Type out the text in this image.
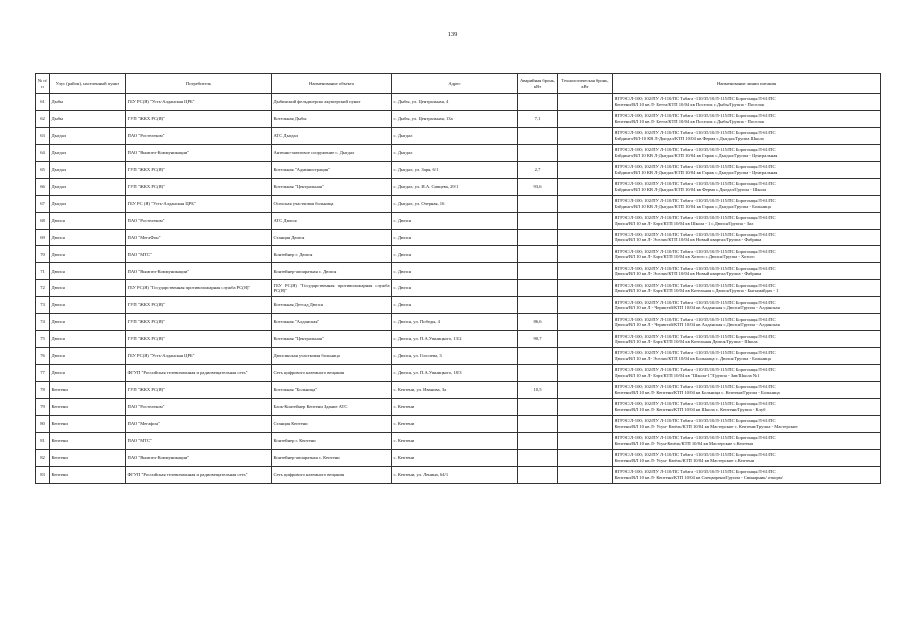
139
№ п/п	Улус (район), населенный пункт	Потребитель	Наименование объекта	Адрес	Аварийная бронь, кВт	Технологическая бронь, кВт	Наименование линии питания
61	Дыбы	ГБУ РС(Я) "Усть-Алданская ЦРБ"	Дыбинский фельдшерско акушерский пункт	с. Дыбы, ул. Центральная, 4			ЯГРЭС/Л-100; 102/ПУ Л-110/ПС Табага -110/35/10/Л-115/ПС Борогонцы/Л-61/ПС
Кептени/ВЛ 10 кв Л- Бетта/КТП 10/04 кв Поселок с.Дыбы/Группа - Поселок

62	Дыбы	ГУП "ЖКХ РС(Я)"	Котельная Дыбы	с. Дыбы, ул. Центральная, 13а	7,1		ЯГРЭС/Л-100; 102/ПУ Л-110/ПС Табага -110/35/10/Л-115/ПС Борогонцы/Л-61/ПС
Кептени/ВЛ 10 кв Л- Бетта/КТП 10/04 кв Поселок с.Дыбы/Группа - Поселок

63	Дыгдал	ПАО "Ростелеком"	АТС Дыгдал	с. Дыгдал			ЯГРЭС/Л-100; 102/ПУ Л-110/ПС Табага -110/35/10/Л-115/ПС Борогонцы/Л-61/ПС
Бэйдингэ/ВЛ-10 КВ Л-Дыгдал/КТП 10/04 кв Ферма с.Дыгдал/Группа Школа

64	Дыгдал	ПАО "Вымпел-Коммуникации"	Антенно-мачтовое сооружение с. Дыгдал	с. Дыгдал			ЯГРЭС/Л-100; 102/ПУ Л-110/ПС Табага -110/35/10/Л-115/ПС Борогонцы/Л-61/ПС
Бэйдингэ/ВЛ 10 КВ Л-Дыгдал/КТП 10/04 кв Гараж с.Дыгдал/Группа - Центральная

65	Дыгдал	ГУП "ЖКХ РС(Я)"	Котельная "Администрация"	с. Дыгдал, ул. Заря, 6/1	2,7		ЯГРЭС/Л-100; 102/ПУ Л-110/ПС Табага -110/35/10/Л-115/ПС Борогонцы/Л-61/ПС
Бэйдингэ/ВЛ 10 КВ Л-Дыгдал/КТП 10/04 кв Гараж с.Дыгдал/Группа - Центральная

66	Дыгдал	ГУП "ЖКХ РС(Я)"	Котельная "Центральная"	с. Дыгдал, ул. И.А. Сивцева, 29/1	93,6		ЯГРЭС/Л-100; 102/ПУ Л-110/ПС Табага -110/35/10/Л-115/ПС Борогонцы/Л-61/ПС
Бэйдингэ/ВЛ 10 КВ Л-Дыгдал/КТП 10/04 кв Ферма с.Дыгдал/Группа - Школа

67	Дыгдал	ГБУ РС (Я) "Усть-Алданская ЦРБ"	Осохская участковая больница	с. Дыгдал, ул. Озерная, 16			ЯГРЭС/Л-100; 102/ПУ Л-110/ПС Табага -110/35/10/Л-115/ПС Борогонцы/Л-61/ПС
Бэйдингэ/ВЛ 10 КВ Л-Дыгдал/КТП 10/04 кв Гараж с.Дыгдал/Группа - Больница

68	Дюпся	ПАО "Ростелеком"	АТС Дюпся	с. Дюпся			ЯГРЭС/Л-100; 102/ПУ Л-110/ПС Табага -110/35/10/Л-115/ПС Борогонцы/Л-61/ПС
Дюпся/ВЛ 10 кв Л- Бэрэ/КТП 10/04 кв Школа - 1 с.Дюпся/Группа - Зал

69	Дюпся	ПАО "МегаФон"	Станция Дюпся	с. Дюпся			ЯГРЭС/Л-100; 102/ПУ Л-110/ПС Табага -110/35/10/Л-115/ПС Борогонцы/Л-61/ПС
Дюпся/ВЛ 10 кв Л- Эселях/КТП 10/04 кв Новый квартал/Группа - Фабрика

70	Дюпся	ПАО "МТС"	Контейнер г. Дюпся	с. Дюпся			ЯГРЭС/Л-100; 102/ПУ Л-110/ПС Табага -110/35/10/Л-115/ПС Борогонцы/Л-61/ПС
Дюпся/ВЛ 10 кв Л- Бэрэ/КТП 10/04 кв Хотого с.Дюпся/Группа - Хотого

71	Дюпся	ПАО "Вымпел-Коммуникации"	Контейнер-аппаратная с. Дюпся	с. Дюпся			ЯГРЭС/Л-100; 102/ПУ Л-110/ПС Табага -110/35/10/Л-115/ПС Борогонцы/Л-61/ПС
Дюпся/ВЛ 10 кв Л- Эселях/КТП 10/04 кв Новый квартал/Группа - Фабрика

72	Дюпся	ГБУ РС(Я) "Государственная противопожарная служба РС(Я)"	ГБУ РС(Я) "Государственная противопожарная служба РС(Я)"	с. Дюпся			ЯГРЭС/Л-100; 102/ПУ Л-110/ПС Табага -110/35/10/Л-115/ПС Борогонцы/Л-61/ПС
Дюпся/ВЛ 10 кв Л- Бэрэ/КТП 10/04 кв Котельная с.Дюпся/Группа - Быгымайдах - 1

73	Дюпся	ГУП "ЖКХ РС(Я)"	Котельная Детсад Дюпся	с. Дюпся			ЯГРЭС/Л-100; 102/ПУ Л-110/ПС Табага -110/35/10/Л-115/ПС Борогонцы/Л-61/ПС
Дюпся/ВЛ 10 кв Л - Чериктэй/КТП 10/04 кв Алданская с.Дюпся/Группа - Алданская

74	Дюпся	ГУП "ЖКХ РС(Я)"	Котельная "Алданская"	с. Дюпся, ул. Победы, 4	86,6		ЯГРЭС/Л-100; 102/ПУ Л-110/ПС Табага -110/35/10/Л-115/ПС Борогонцы/Л-61/ПС
Дюпся/ВЛ 10 кв Л - Чериктэй/КТП 10/04 кв Алданская с.Дюпся/Группа - Алданская

75	Дюпся	ГУП "ЖКХ РС(Я)"	Котельная "Центральная"	с. Дюпся, ул. П.А.Ушницкого, 13/2	90,7		ЯГРЭС/Л-100; 102/ПУ Л-110/ПС Табага -110/35/10/Л-115/ПС Борогонцы/Л-61/ПС
Дюпся/ВЛ 10 кв Л- Бэрэ/КТП 10/04 кв Котельная Дюпся/Группа - Школа

76	Дюпся	ГБУ РС(Я) "Усть-Алданская ЦРБ"	Дюпсинская участковая больница	с. Дюпся, ул. Гоголева, 3			ЯГРЭС/Л-100; 102/ПУ Л-110/ПС Табага -110/35/10/Л-115/ПС Борогонцы/Л-61/ПС
Дюпся/ВЛ 10 кв Л- Эселях/КТП 10/04 кв Больница с. Дюпся/Группа - Больница

77	Дюпся	ФГУП "Российская телевизионная и радиовещательная сеть"	Сеть цифрового наземного вещания	с. Дюпся, ул. П.А.Ушницкого, 18/3			ЯГРЭС/Л-100; 102/ПУ Л-110/ПС Табага -110/35/10/Л-115/ПС Борогонцы/Л-61/ПС
Дюпся/ВЛ 10 кв Л- Бэрэ/КТП 10/04 кв "Школа-1"/Группа - Зав/Школа №1

78	Кептени	ГУП "ЖКХ РС(Я)"	Котельная "Больница"	с. Кептени, ул. Иванова, 3а	10,5		ЯГРЭС/Л-100; 102/ПУ Л-110/ПС Табага -110/35/10/Л-115/ПС Борогонцы/Л-61/ПС
Кептени/ВЛ 10 кв Л- Кептени/КТП 10/04 кв Больница с. Кептени/Группа - Больница

79	Кептени	ПАО "Ростелеком"	Блок-Контейнер Кептени Здание АТС	с. Кептени			ЯГРЭС/Л-100; 102/ПУ Л-110/ПС Табага -110/35/10/Л-115/ПС Борогонцы/Л-61/ПС
Кептени/ВЛ 10 кв Л- Кептени/КТП 10/04 кв Школа с. Кептени/Группа - Клуб

80	Кептени	ПАО "Мегафон"	Станция Кептени	с. Кептени			ЯГРЭС/Л-100; 102/ПУ Л-110/ПС Табага -110/35/10/Л-115/ПС Борогонцы/Л-61/ПС
Кептени/ВЛ 10 кв Л- Усун- Кюёль/КТП 10/04 кв Мастерские с. Кептени/Группа - Мастерские

81	Кептени	ПАО "МТС"	Контейнер г. Кептени	с. Кептени			ЯГРЭС/Л-100; 102/ПУ Л-110/ПС Табага -110/35/10/Л-115/ПС Борогонцы/Л-61/ПС
Кептени/ВЛ 10 кв Л- Усун-Кюёль/КТП 10/04 кв Мастерские с.Кептени

82	Кептени	ПАО "Вымпел-Коммуникации"	Контейнер-аппаратная с. Кептени	с. Кептени			ЯГРЭС/Л-100; 102/ПУ Л-110/ПС Табага -110/35/10/Л-115/ПС Борогонцы/Л-61/ПС
Кептени/ВЛ 10 кв Л- Усун- Кюёль/КТП 10/04 кв Мастерские с.Кептени

83	Кептени	ФГУП "Российская телевизионная и радиовещательная сеть"	Сеть цифрового наземного вещания	с. Кептени, ул. Ленина, 64/1			ЯГРЭС/Л-100; 102/ПУ Л-110/ПС Табага -110/35/10/Л-115/ПС Борогонцы/Л-61/ПС
Кептени/ВЛ 10 кв Л- Кептени/КТП 10/04 кв Спецварени/Группа - Свинарник/ откорм/
